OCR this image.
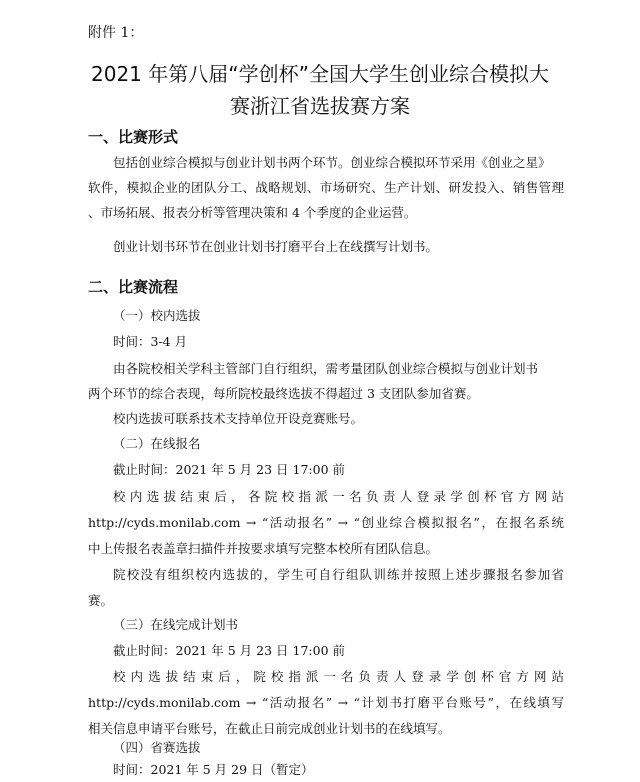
附件 1：
2021 年第八届“学创杯”全国大学生创业综合模拟大
赛浙江省选拔赛方案
一、比赛形式

包括创业综合模拟与创业计划书两个环节。创业综合模拟环节采用《创业之星》

软件，模拟企业的团队分工、战略规划、市场研究、生产计划、研发投入、销售管理

、市场拓展、报表分析等管理决策和 4 个季度的企业运营。

创业计划书环节在创业计划书打磨平台上在线撰写计划书。

二、比赛流程

（一）校内选拔

时间：3-4 月

由各院校相关学科主管部门自行组织，需考量团队创业综合模拟与创业计划书

两个环节的综合表现，每所院校最终选拔不得超过 3 支团队参加省赛。

校内选拔可联系技术支持单位开设竞赛账号。

（二）在线报名

截止时间：2021 年 5 月 23 日 17:00 前

校内选拔结束后，各院校指派一名负责人登录学创杯官方网站

http://cyds.monilab.com → “活动报名” → “创业综合模拟报名”，在报名系统

中上传报名表盖章扫描件并按要求填写完整本校所有团队信息。

院校没有组织校内选拔的，学生可自行组队训练并按照上述步骤报名参加省

赛。

（三）在线完成计划书

截止时间：2021 年 5 月 23 日 17:00 前

校内选拔结束后，院校指派一名负责人登录学创杯官方网站

http://cyds.monilab.com → “活动报名” → “计划书打磨平台账号”，在线填写

相关信息申请平台账号，在截止日前完成创业计划书的在线填写。

（四）省赛选拔

时间：2021 年 5 月 29 日（暂定）
